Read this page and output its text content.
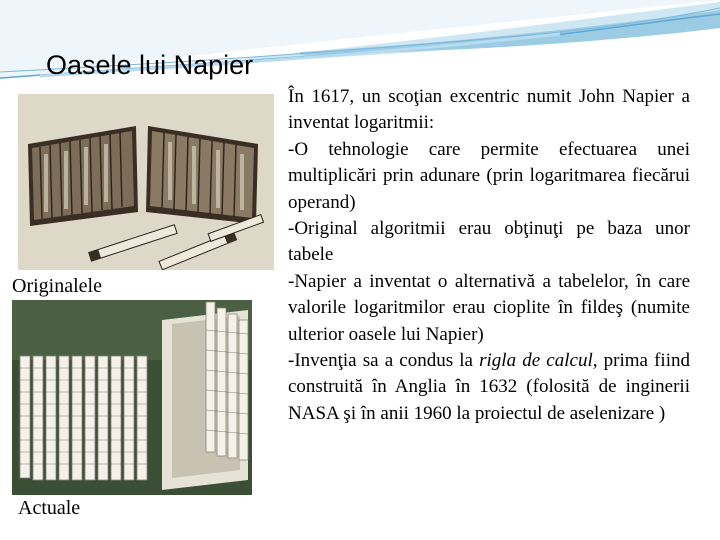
Oasele lui Napier
Originalele
Actuale

În 1617, un scoţian excentric numit John Napier a inventat logaritmii:

-O tehnologie care permite efectuarea unei multiplicări prin adunare (prin logaritmarea fiecărui operand)

-Original algoritmii erau obţinuţi pe baza unor tabele

-Napier a inventat o alternativă a tabelelor, în care valorile logaritmilor erau cioplite în fildeş (numite ulterior oasele lui Napier)

-Invenţia sa a condus la rigla de calcul, prima fiind construită în Anglia în 1632 (folosită de inginerii NASA şi în anii 1960 la proiectul de aselenizare )
